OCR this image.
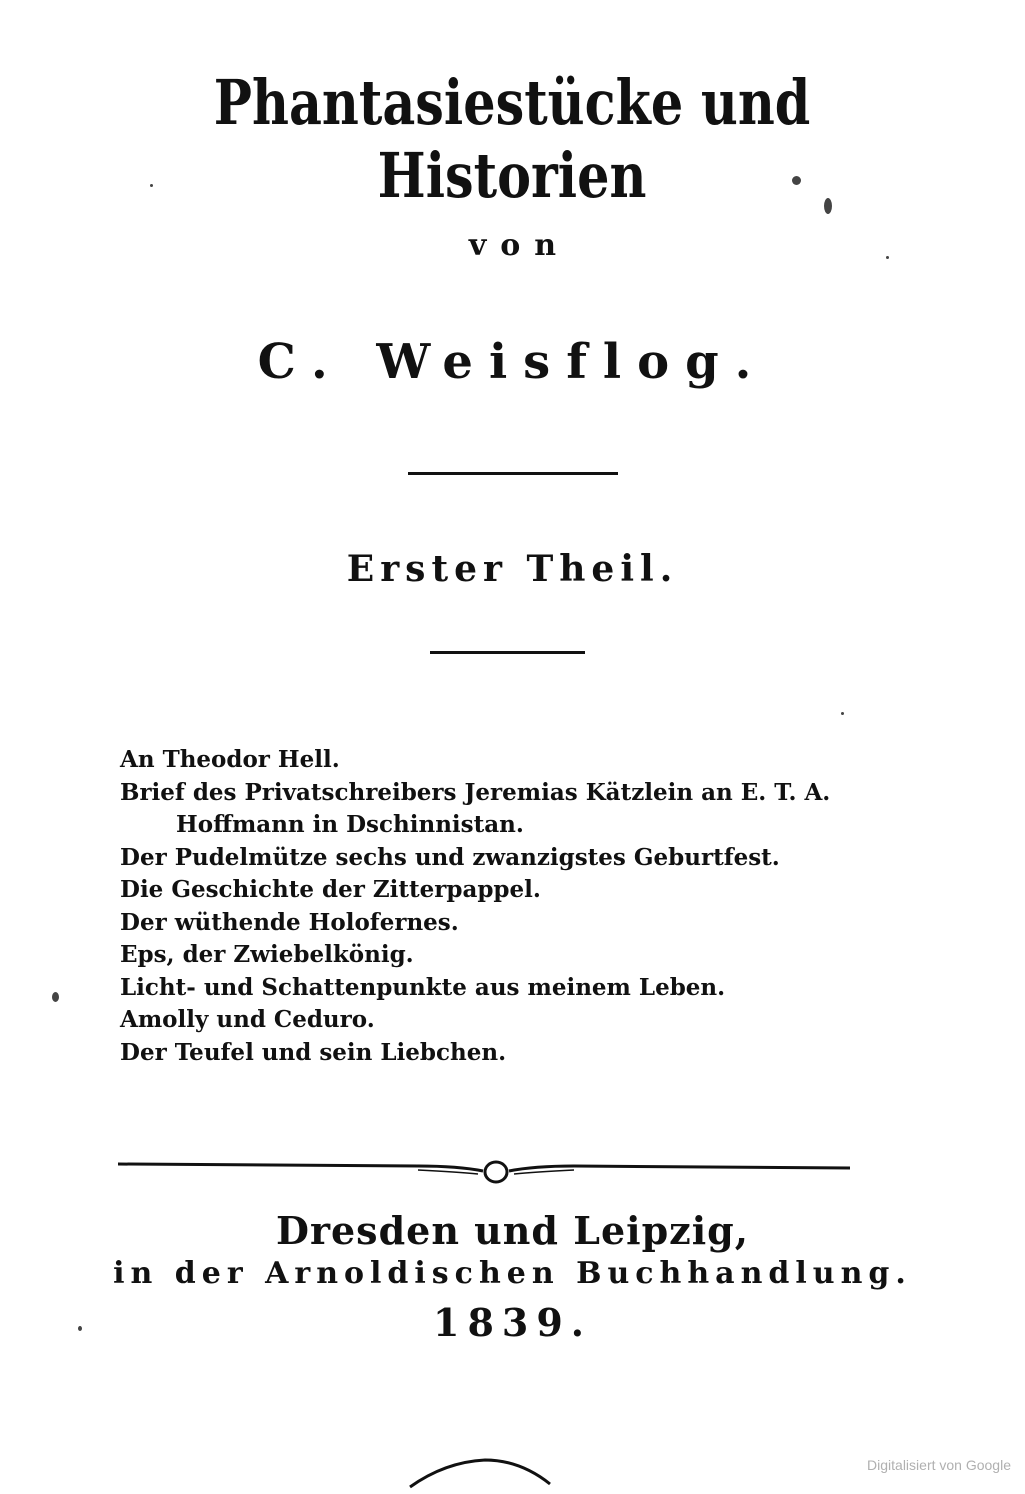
Phantasiestücke und Historien
von
C. Weisflog.
Erster Theil.
An Theodor Hell.
Brief des Privatschreibers Jeremias Kätzlein an E. T. A.
Hoffmann in Dschinnistan.
Der Pudelmütze sechs und zwanzigstes Geburtfest.
Die Geschichte der Zitterpappel.
Der wüthende Holofernes.
Eps, der Zwiebelkönig.
Licht- und Schattenpunkte aus meinem Leben.
Amolly und Ceduro.
Der Teufel und sein Liebchen.
Dresden und Leipzig,
in der Arnoldischen Buchhandlung.
1839.
Digitalisiert von Google
